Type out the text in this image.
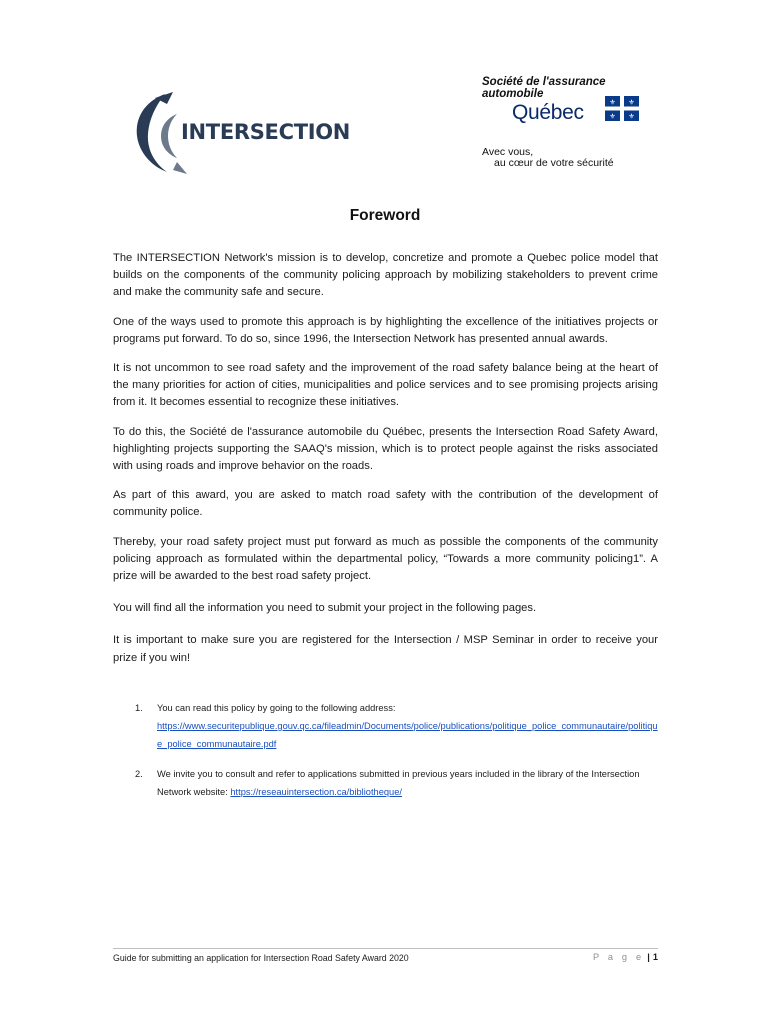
INTERSECTION
Société de l'assurance
automobile
Québec	⚜ ⚜
⚜ ⚜

Avec vous,

au cœur de votre sécurité

Foreword

The INTERSECTION Network's mission is to develop, concretize and promote a Quebec police model that builds on the components of the community policing approach by mobilizing stakeholders to prevent crime and make the community safe and secure.

One of the ways used to promote this approach is by highlighting the excellence of the initiatives projects or programs put forward. To do so, since 1996, the Intersection Network has presented annual awards.

It is not uncommon to see road safety and the improvement of the road safety balance being at the heart of the many priorities for action of cities, municipalities and police services and to see promising projects arising from it. It becomes essential to recognize these initiatives.

To do this, the Société de l'assurance automobile du Québec, presents the Intersection Road Safety Award, highlighting projects supporting the SAAQ's mission, which is to protect people against the risks associated with using roads and improve behavior on the roads.

As part of this award, you are asked to match road safety with the contribution of the development of community police.

Thereby, your road safety project must put forward as much as possible the components of the community policing approach as formulated within the departmental policy, “Towards a more community policing1”. A prize will be awarded to the best road safety project.

You will find all the information you need to submit your project in the following pages.

It is important to make sure you are registered for the Intersection / MSP Seminar in order to receive your prize if you win!

1.	You can read this policy by going to the following address:
https://www.securitepublique.gouv.qc.ca/fileadmin/Documents/police/publications/politique_police_communautaire/politique_police_communautaire.pdf
2.	We invite you to consult and refer to applications submitted in previous years included in the library of the Intersection Network website: https://reseauintersection.ca/bibliotheque/
Guide for submitting an application for Intersection Road Safety Award 2020	P a g e | 1
